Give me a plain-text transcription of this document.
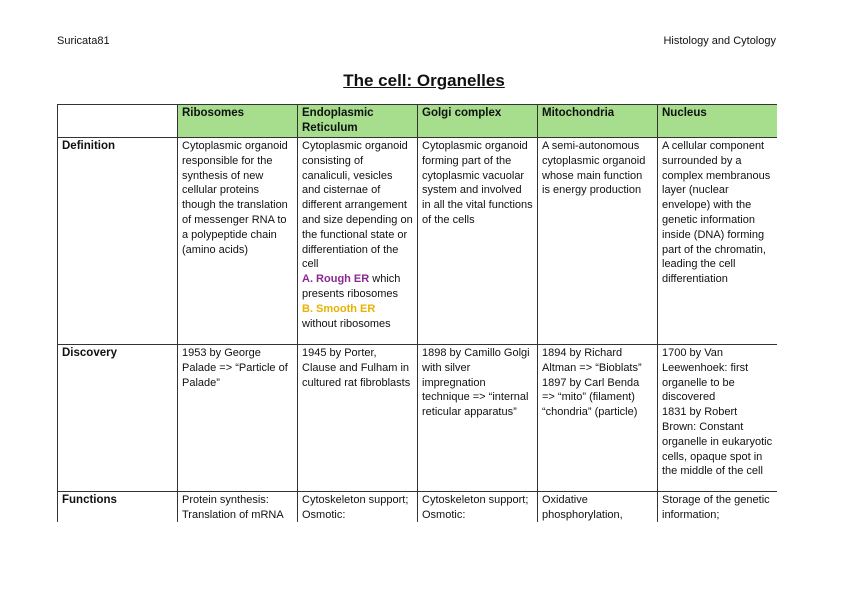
Suricata81	Histology and Cytology
The cell: Organelles
	Ribosomes	Endoplasmic Reticulum	Golgi complex	Mitochondria	Nucleus
Definition	Cytoplasmic organoid responsible for the synthesis of new cellular proteins though the translation of messenger RNA to a polypeptide chain (amino acids)	Cytoplasmic organoid consisting of canaliculi, vesicles and cisternae of different arrangement and size depending on the functional state or differentiation of the cell
A. Rough ER which presents ribosomes
B. Smooth ER
without ribosomes	Cytoplasmic organoid forming part of the cytoplasmic vacuolar system and involved in all the vital functions of the cells	A semi-autonomous cytoplasmic organoid whose main function is energy production	A cellular component surrounded by a complex membranous layer (nuclear envelope) with the genetic information inside (DNA) forming part of the chromatin, leading the cell differentiation
Discovery	1953 by George Palade => “Particle of Palade”	1945 by Porter, Clause and Fulham in cultured rat fibroblasts	1898 by Camillo Golgi with silver impregnation technique => “internal reticular apparatus”	1894 by Richard Altman => “Bioblats”
1897 by Carl Benda => “mito” (filament) “chondria” (particle)	1700 by Van Leewenhoek: first organelle to be discovered
1831 by Robert Brown: Constant organelle in eukaryotic cells, opaque spot in the middle of the cell

Functions	Protein synthesis: Translation of mRNA	Cytoskeleton support; Osmotic:	Cytoskeleton support; Osmotic:	Oxidative phosphorylation,	Storage of the genetic information;
